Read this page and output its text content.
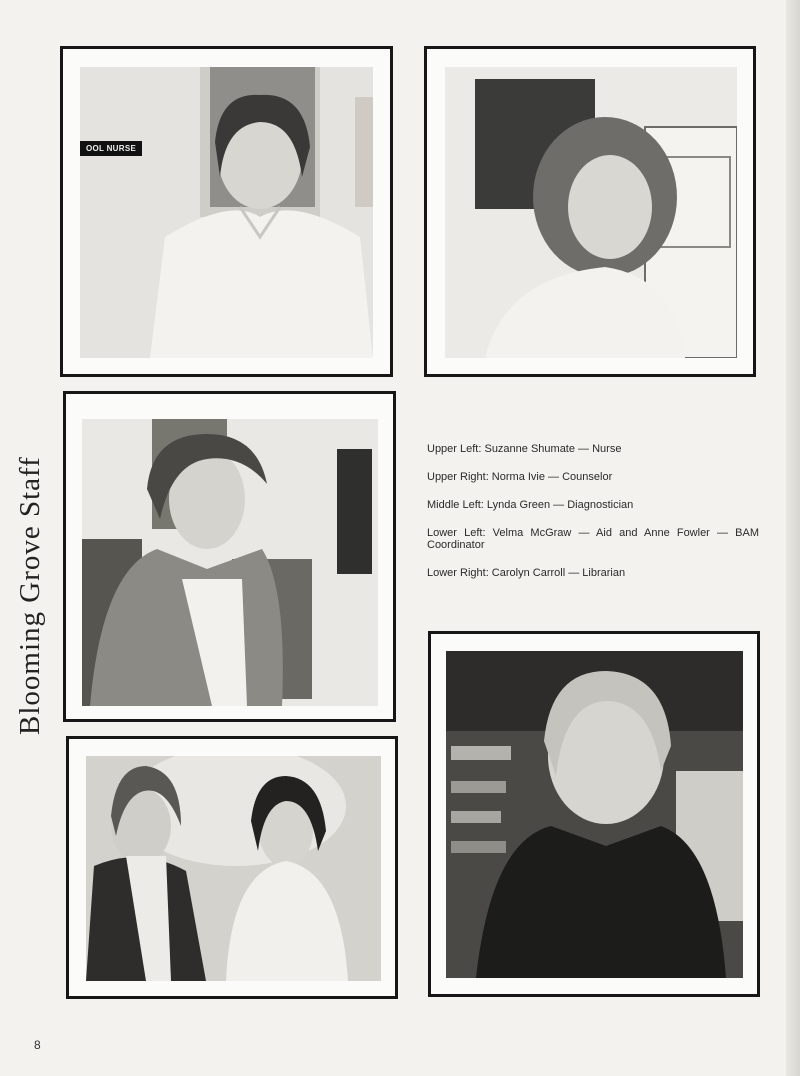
OOL NURSE
Blooming Grove Staff

Upper Left: Suzanne Shumate — Nurse

Upper Right: Norma Ivie — Counselor

Middle Left: Lynda Green — Diagnostician

Lower Left: Velma McGraw — Aid and Anne Fowler — BAM Coordinator

Lower Right: Carolyn Carroll — Librarian

8
